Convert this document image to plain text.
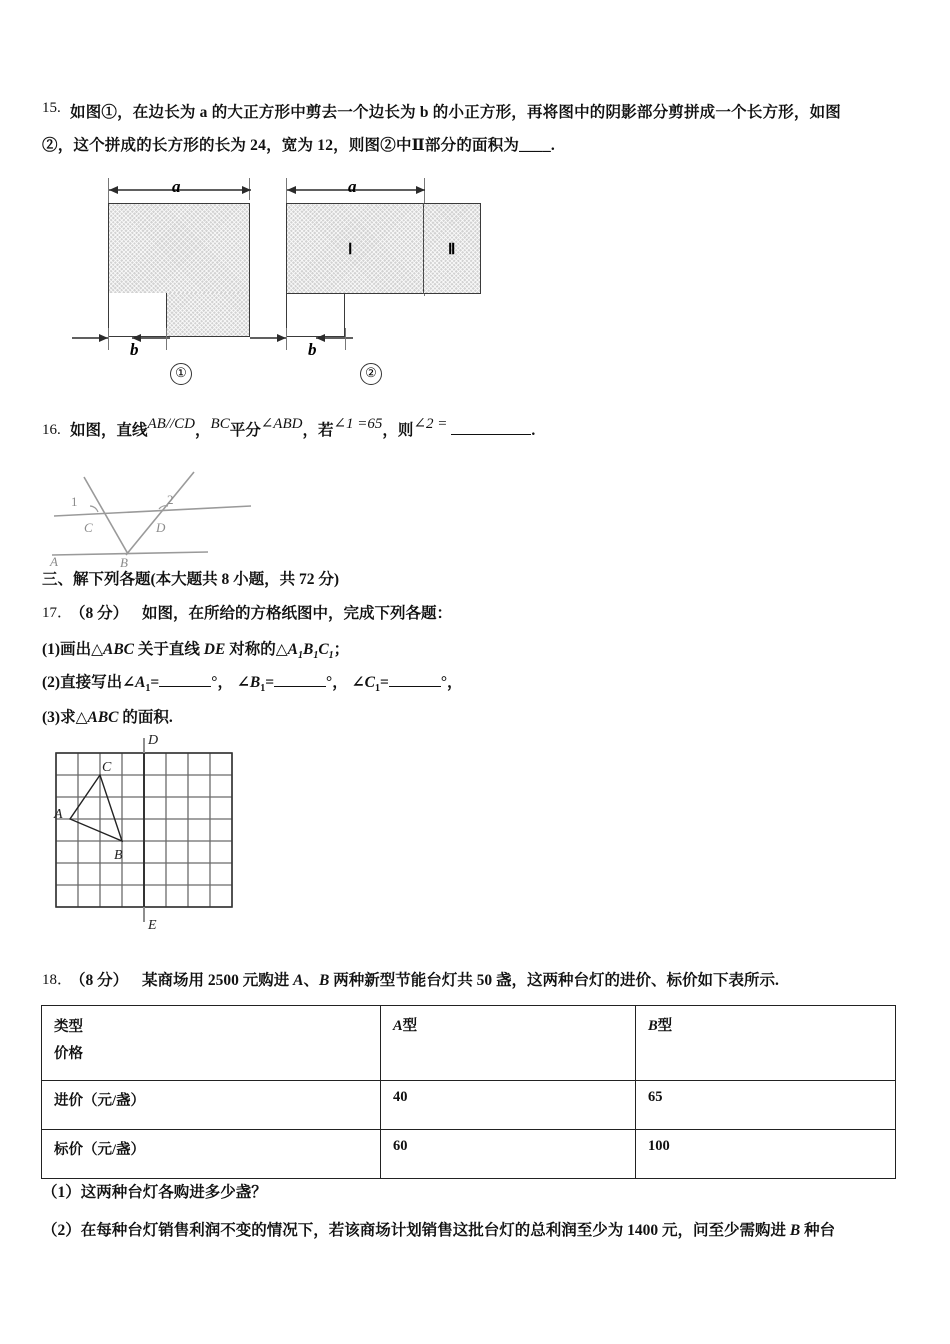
15. 如图①，在边长为 a 的大正方形中剪去一个边长为 b 的小正方形，再将图中的阴影部分剪拼成一个长方形，如图
②，这个拼成的长方形的长为 24，宽为 12，则图②中Ⅱ部分的面积为____.
a
b
①
a
Ⅰ	Ⅱ
b
②
16. 如图，直线AB//CD，BC平分∠ABD，若∠1 =65，则∠2 =	.
1	2
C	D
A	B
三、解下列各题(本大题共 8 小题，共 72 分)
17．
（8 分） 如图，在所给的方格纸图中，完成下列各题：
(1)画出△ABC 关于直线 DE 对称的$\triangle A_1B_1C_1$；
(2)直接写出$\angle A_1=$	°， $\angle B_1=$	°， $\angle C_1=$	°，
(3)求△ABC 的面积.
D
C
A
B
E
18．
（8 分） 某商场用 2500 元购进 A、B 两种新型节能台灯共 50 盏，这两种台灯的进价、标价如下表所示.
类型
价格	A型	B型
进价（元/盏）	40	65
标价（元/盏）	60	100
（1）这两种台灯各购进多少盏？
（2）在每种台灯销售利润不变的情况下，若该商场计划销售这批台灯的总利润至少为 1400 元，问至少需购进 B 种台
